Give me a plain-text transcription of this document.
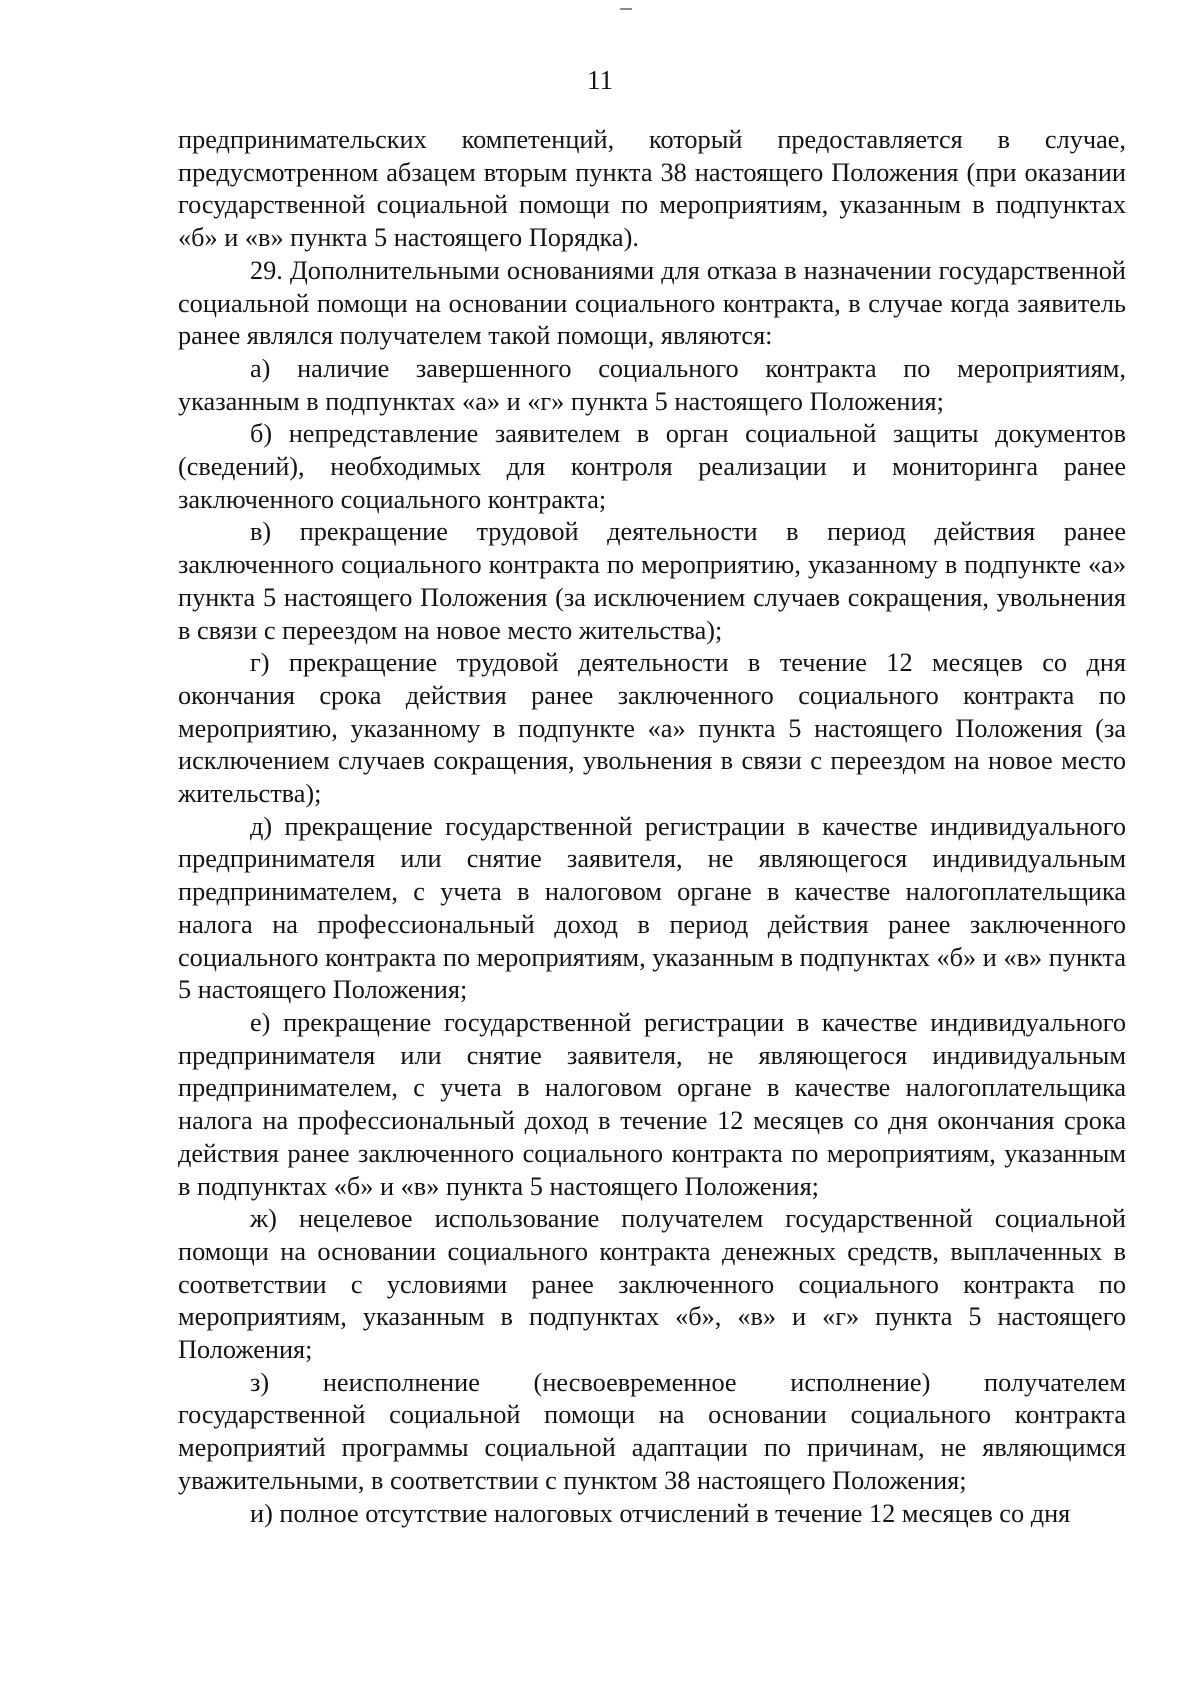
11

предпринимательских компетенций, который предоставляется в случае, предусмотренном абзацем вторым пункта 38 настоящего Положения (при оказании государственной социальной помощи по мероприятиям, указанным в подпунктах «б» и «в» пункта 5 настоящего Порядка).

29. Дополнительными основаниями для отказа в назначении государственной социальной помощи на основании социального контракта, в случае когда заявитель ранее являлся получателем такой помощи, являются:

а) наличие завершенного социального контракта по мероприятиям, указанным в подпунктах «а» и «г» пункта 5 настоящего Положения;

б) непредставление заявителем в орган социальной защиты документов (сведений), необходимых для контроля реализации и мониторинга ранее заключенного социального контракта;

в) прекращение трудовой деятельности в период действия ранее заключенного социального контракта по мероприятию, указанному в подпункте «а» пункта 5 настоящего Положения (за исключением случаев сокращения, увольнения в связи с переездом на новое место жительства);

г) прекращение трудовой деятельности в течение 12 месяцев со дня окончания срока действия ранее заключенного социального контракта по мероприятию, указанному в подпункте «а» пункта 5 настоящего Положения (за исключением случаев сокращения, увольнения в связи с переездом на новое место жительства);

д) прекращение государственной регистрации в качестве индивидуального предпринимателя или снятие заявителя, не являющегося индивидуальным предпринимателем, с учета в налоговом органе в качестве налогоплательщика налога на профессиональный доход в период действия ранее заключенного социального контракта по мероприятиям, указанным в подпунктах «б» и «в» пункта 5 настоящего Положения;

е) прекращение государственной регистрации в качестве индивидуального предпринимателя или снятие заявителя, не являющегося индивидуальным предпринимателем, с учета в налоговом органе в качестве налогоплательщика налога на профессиональный доход в течение 12 месяцев со дня окончания срока действия ранее заключенного социального контракта по мероприятиям, указанным в подпунктах «б» и «в» пункта 5 настоящего Положения;

ж) нецелевое использование получателем государственной социальной помощи на основании социального контракта денежных средств, выплаченных в соответствии с условиями ранее заключенного социального контракта по мероприятиям, указанным в подпунктах «б», «в» и «г» пункта 5 настоящего Положения;

з) неисполнение (несвоевременное исполнение) получателем государственной социальной помощи на основании социального контракта мероприятий программы социальной адаптации по причинам, не являющимся уважительными, в соответствии с пунктом 38 настоящего Положения;

и) полное отсутствие налоговых отчислений в течение 12 месяцев со дня
